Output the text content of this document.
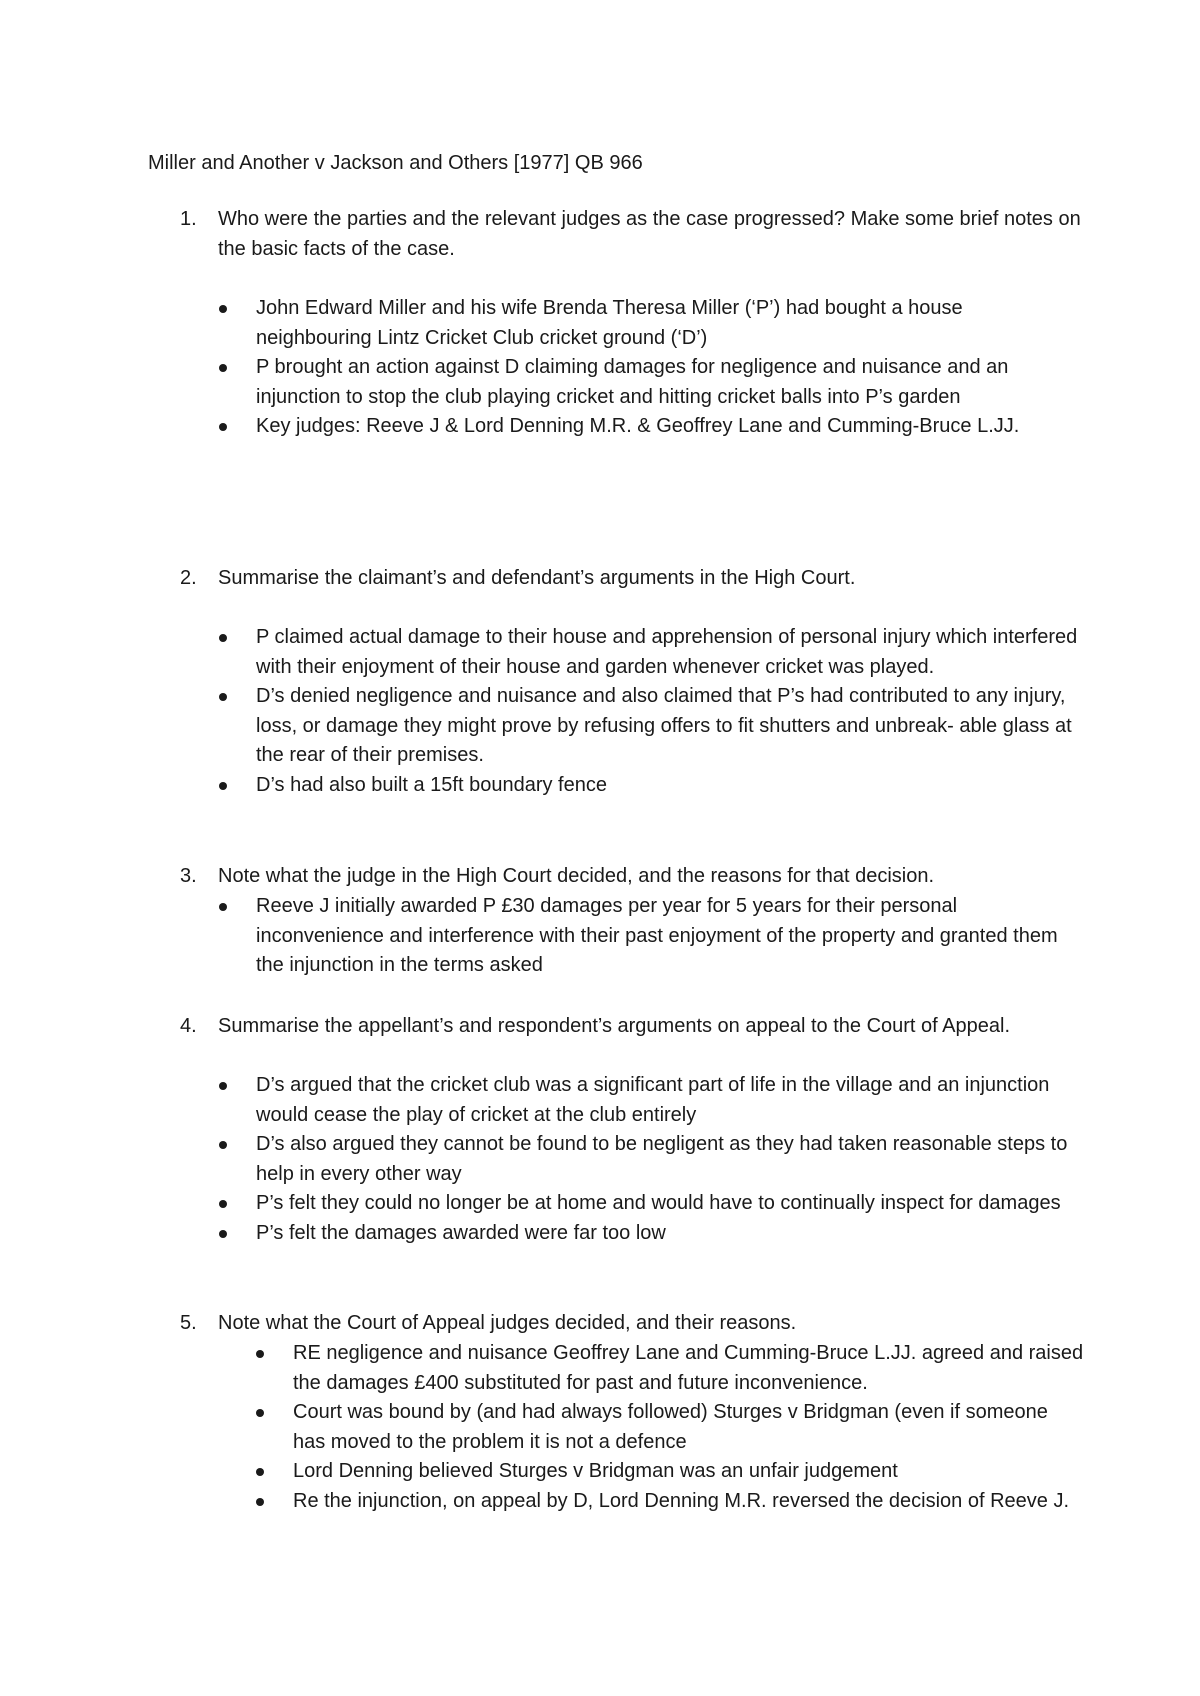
Miller and Another v Jackson and Others [1977] QB 966
1. Who were the parties and the relevant judges as the case progressed? Make some brief notes on the basic facts of the case.
John Edward Miller and his wife Brenda Theresa Miller (‘P’) had bought a house neighbouring Lintz Cricket Club cricket ground (‘D’)
P brought an action against D claiming damages for negligence and nuisance and an injunction to stop the club playing cricket and hitting cricket balls into P’s garden
Key judges: Reeve J & Lord Denning M.R. & Geoffrey Lane and Cumming-Bruce L.JJ.
2. Summarise the claimant’s and defendant’s arguments in the High Court.
P claimed actual damage to their house and apprehension of personal injury which interfered with their enjoyment of their house and garden whenever cricket was played.
D’s denied negligence and nuisance and also claimed that P’s had contributed to any injury, loss, or damage they might prove by refusing offers to fit shutters and unbreak- able glass at the rear of their premises.
D’s had also built a 15ft boundary fence
3. Note what the judge in the High Court decided, and the reasons for that decision.
Reeve J initially awarded P £30 damages per year for 5 years for their personal inconvenience and interference with their past enjoyment of the property and granted them the injunction in the terms asked
4. Summarise the appellant’s and respondent’s arguments on appeal to the Court of Appeal.
D’s argued that the cricket club was a significant part of life in the village and an injunction would cease the play of cricket at the club entirely
D’s also argued they cannot be found to be negligent as they had taken reasonable steps to help in every other way
P’s felt they could no longer be at home and would have to continually inspect for damages
P’s felt the damages awarded were far too low
5. Note what the Court of Appeal judges decided, and their reasons.
RE negligence and nuisance Geoffrey Lane and Cumming-Bruce L.JJ. agreed and raised the damages £400 substituted for past and future inconvenience.
Court was bound by (and had always followed) Sturges v Bridgman (even if someone has moved to the problem it is not a defence
Lord Denning believed Sturges v Bridgman was an unfair judgement
Re the injunction, on appeal by D, Lord Denning M.R. reversed the decision of Reeve J.
